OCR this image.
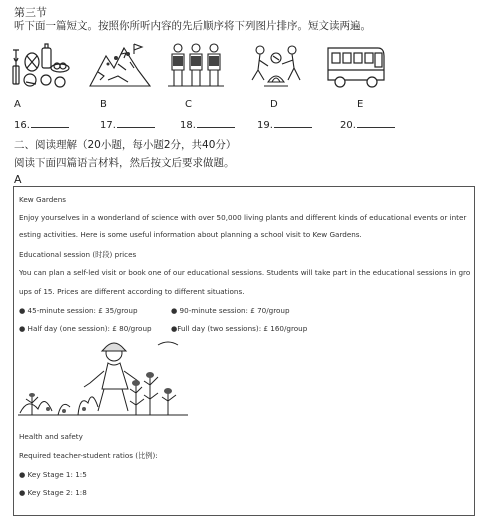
第三节
听下面一篇短文。按照你所听内容的先后顺序将下列图片排序。短文读两遍。
A	B	C	D	E
16.	17.	18.	19.	20.
二、阅读理解（20小题，每小题2分，共40分）
阅读下面四篇语言材料，然后按文后要求做题。
A
Kew Gardens
Enjoy yourselves in a wonderland of science with over 50,000 living plants and different kinds of educational events or inter
esting activities. Here is some useful information about planning a school visit to Kew Gardens.
Educational session (时段) prices
You can plan a self-led visit or book one of our educational sessions. Students will take part in the educational sessions in gro
ups of 15. Prices are different according to different situations.
● 45-minute session: £ 35/group	● 90-minute session: £ 70/group
● Half day (one session): £ 80/group	●Full day (two sessions): £ 160/group
Health and safety
Required teacher-student ratios (比例):
● Key Stage 1: 1:5
● Key Stage 2: 1:8
